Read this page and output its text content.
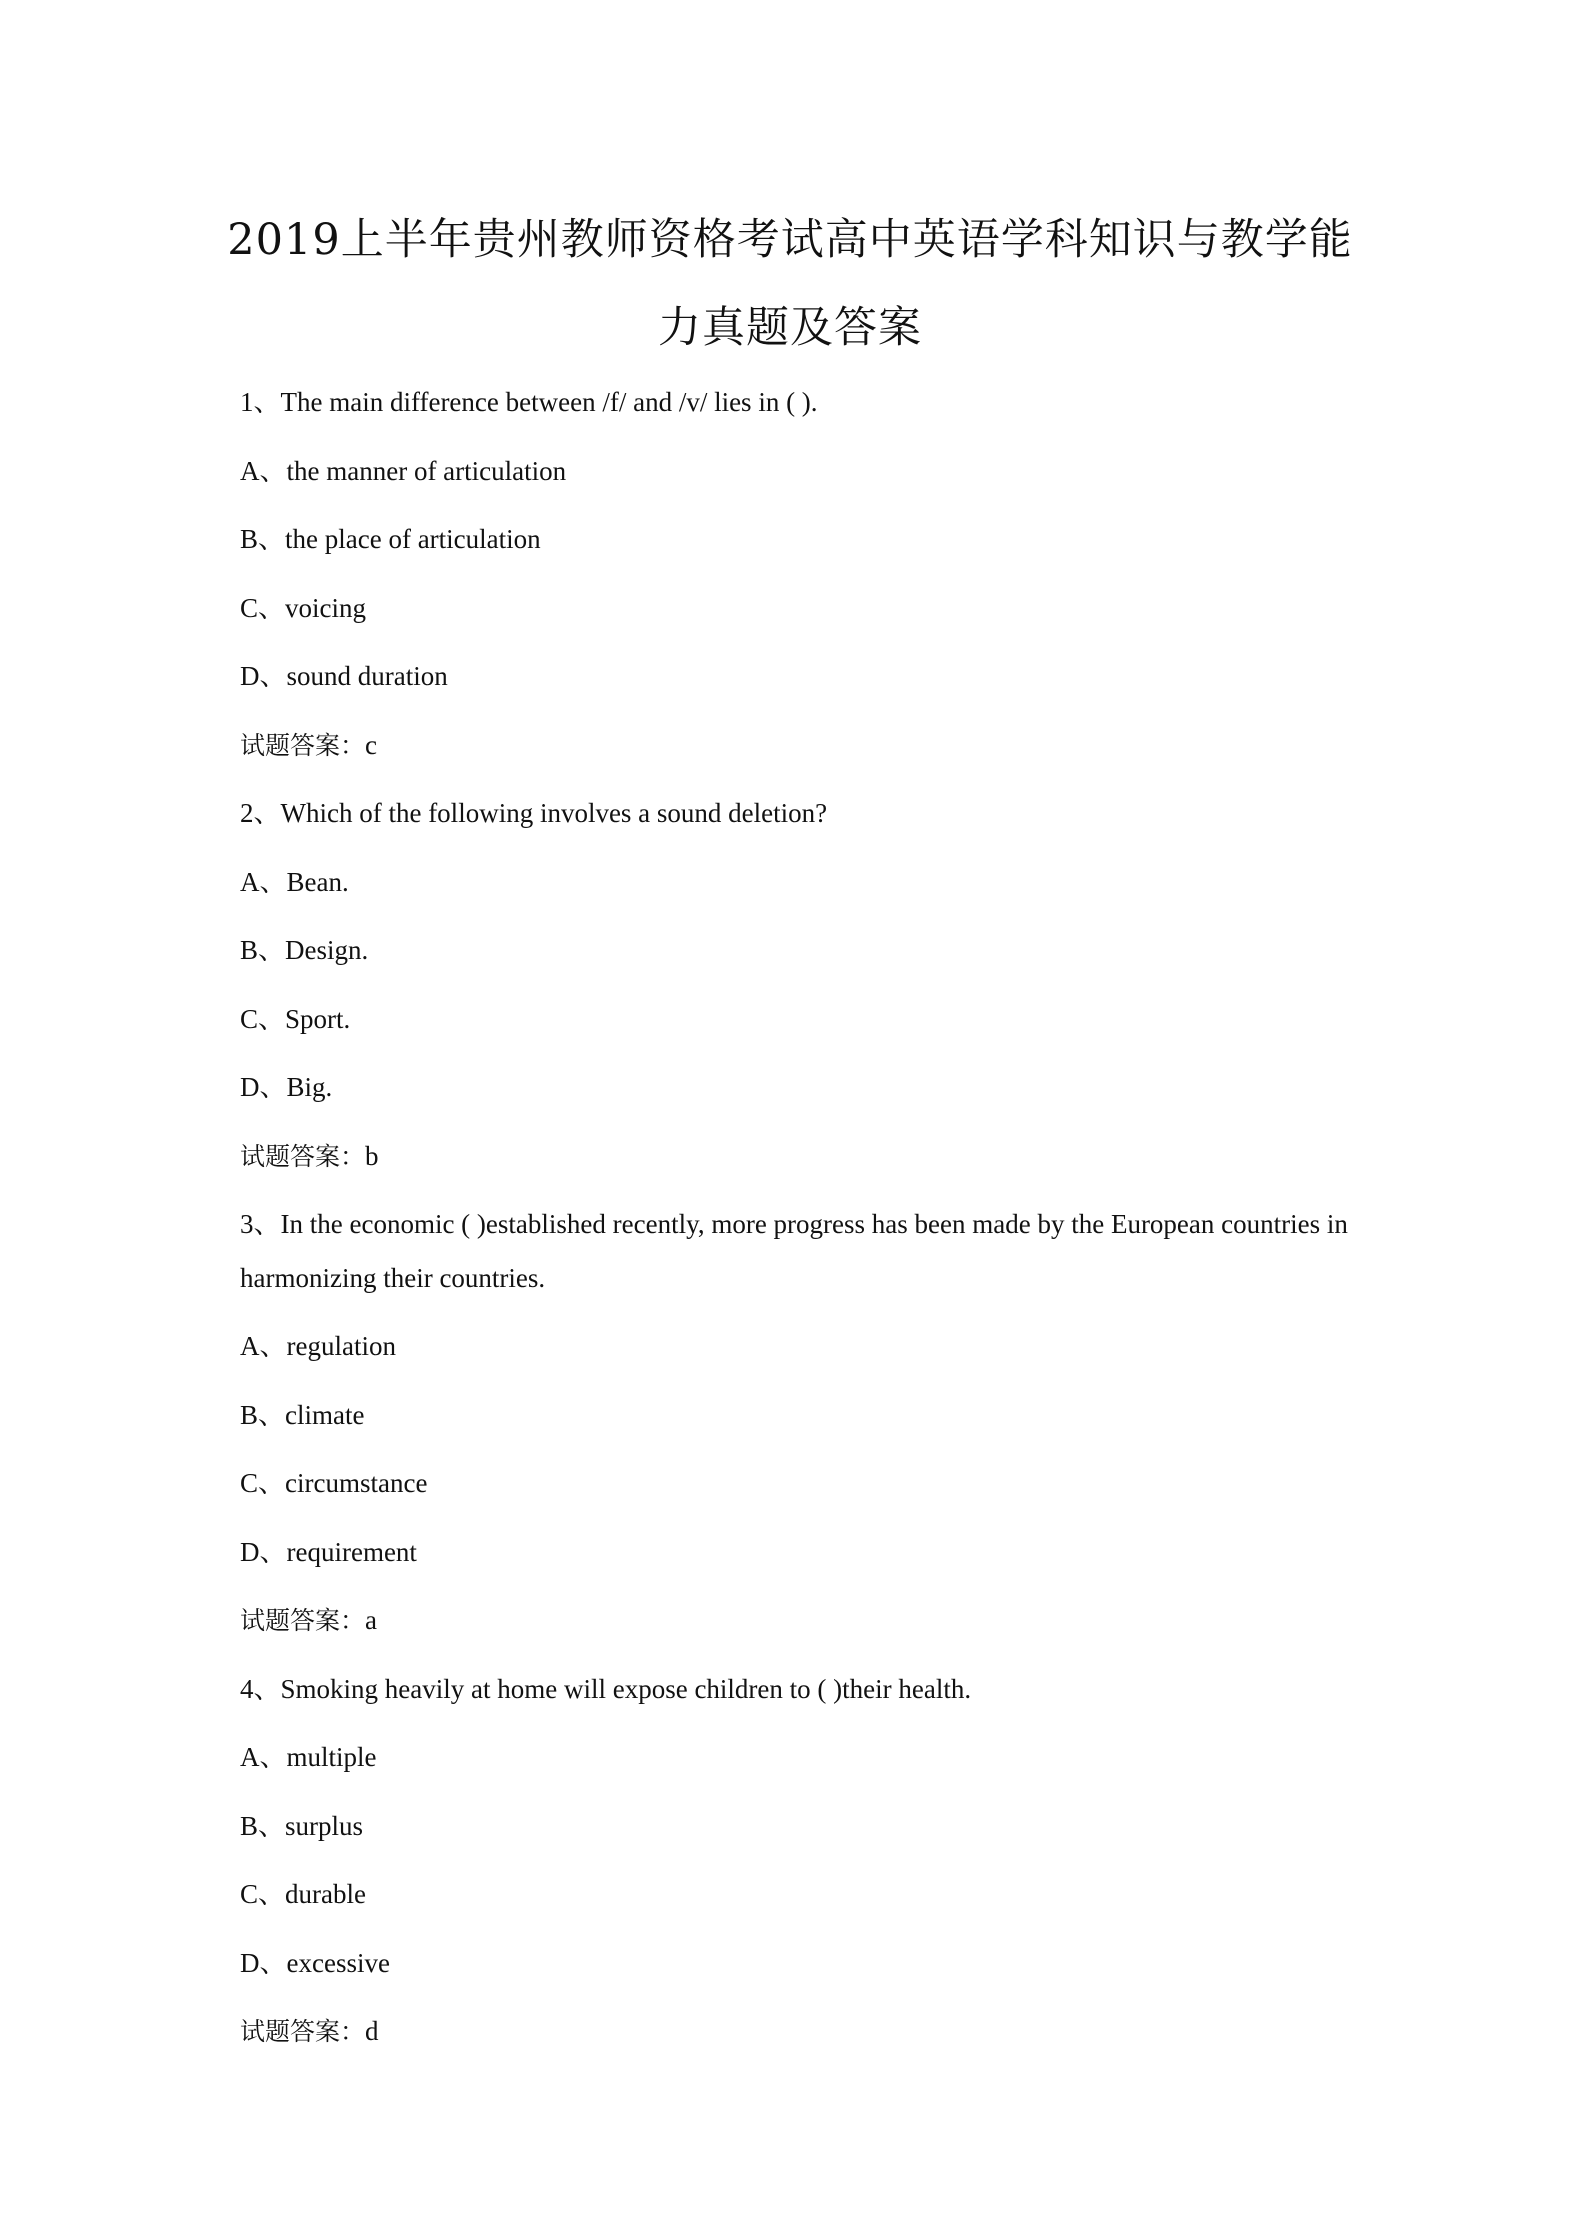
2019上半年贵州教师资格考试高中英语学科知识与教学能
力真题及答案
1、The main difference between /f/ and /v/ lies in ( ).
A、the manner of articulation
B、the place of articulation
C、voicing
D、sound duration
试题答案：c
2、Which of the following involves a sound deletion?
A、Bean.
B、Design.
C、Sport.
D、Big.
试题答案：b
3、In the economic ( )established recently, more progress has been made by the European countries in harmonizing their countries.
A、regulation
B、climate
C、circumstance
D、requirement
试题答案：a
4、Smoking heavily at home will expose children to ( )their health.
A、multiple
B、surplus
C、durable
D、excessive
试题答案：d
